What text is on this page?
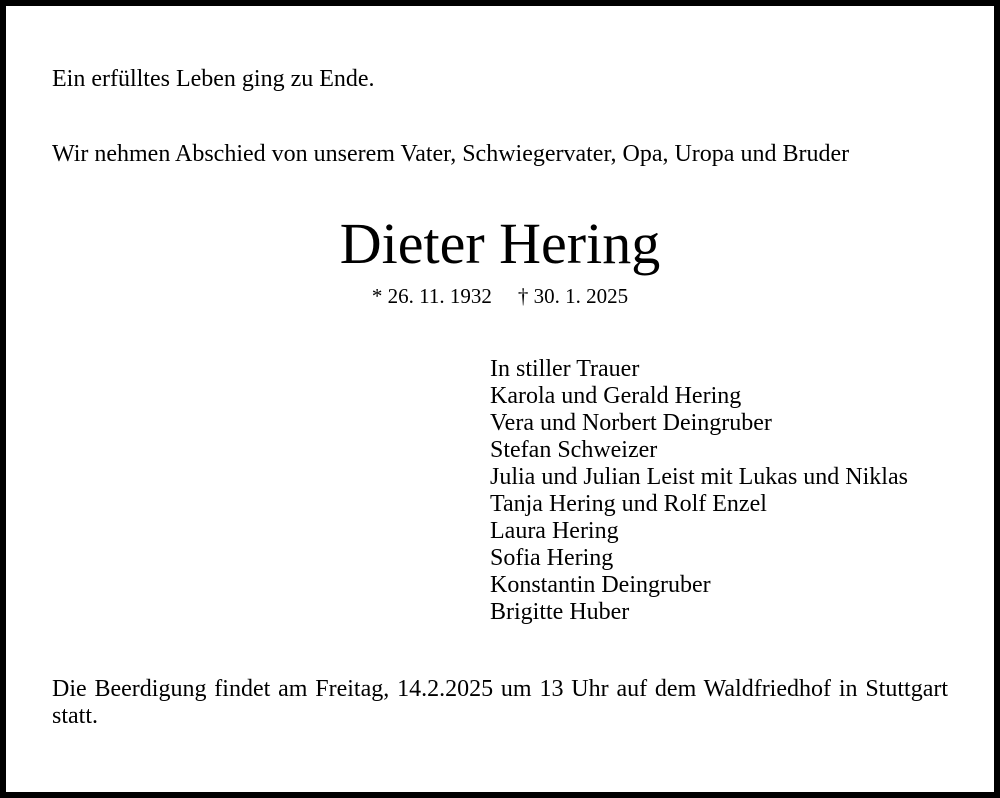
Ein erfülltes Leben ging zu Ende.
Wir nehmen Abschied von unserem Vater, Schwiegervater, Opa, Uropa und Bruder
Dieter Hering
* 26. 11. 1932 † 30. 1. 2025
In stiller Trauer
Karola und Gerald Hering
Vera und Norbert Deingruber
Stefan Schweizer
Julia und Julian Leist mit Lukas und Niklas
Tanja Hering und Rolf Enzel
Laura Hering
Sofia Hering
Konstantin Deingruber
Brigitte Huber
Die Beerdigung findet am Freitag, 14.2.2025 um 13 Uhr auf dem Waldfriedhof in Stuttgart statt.
